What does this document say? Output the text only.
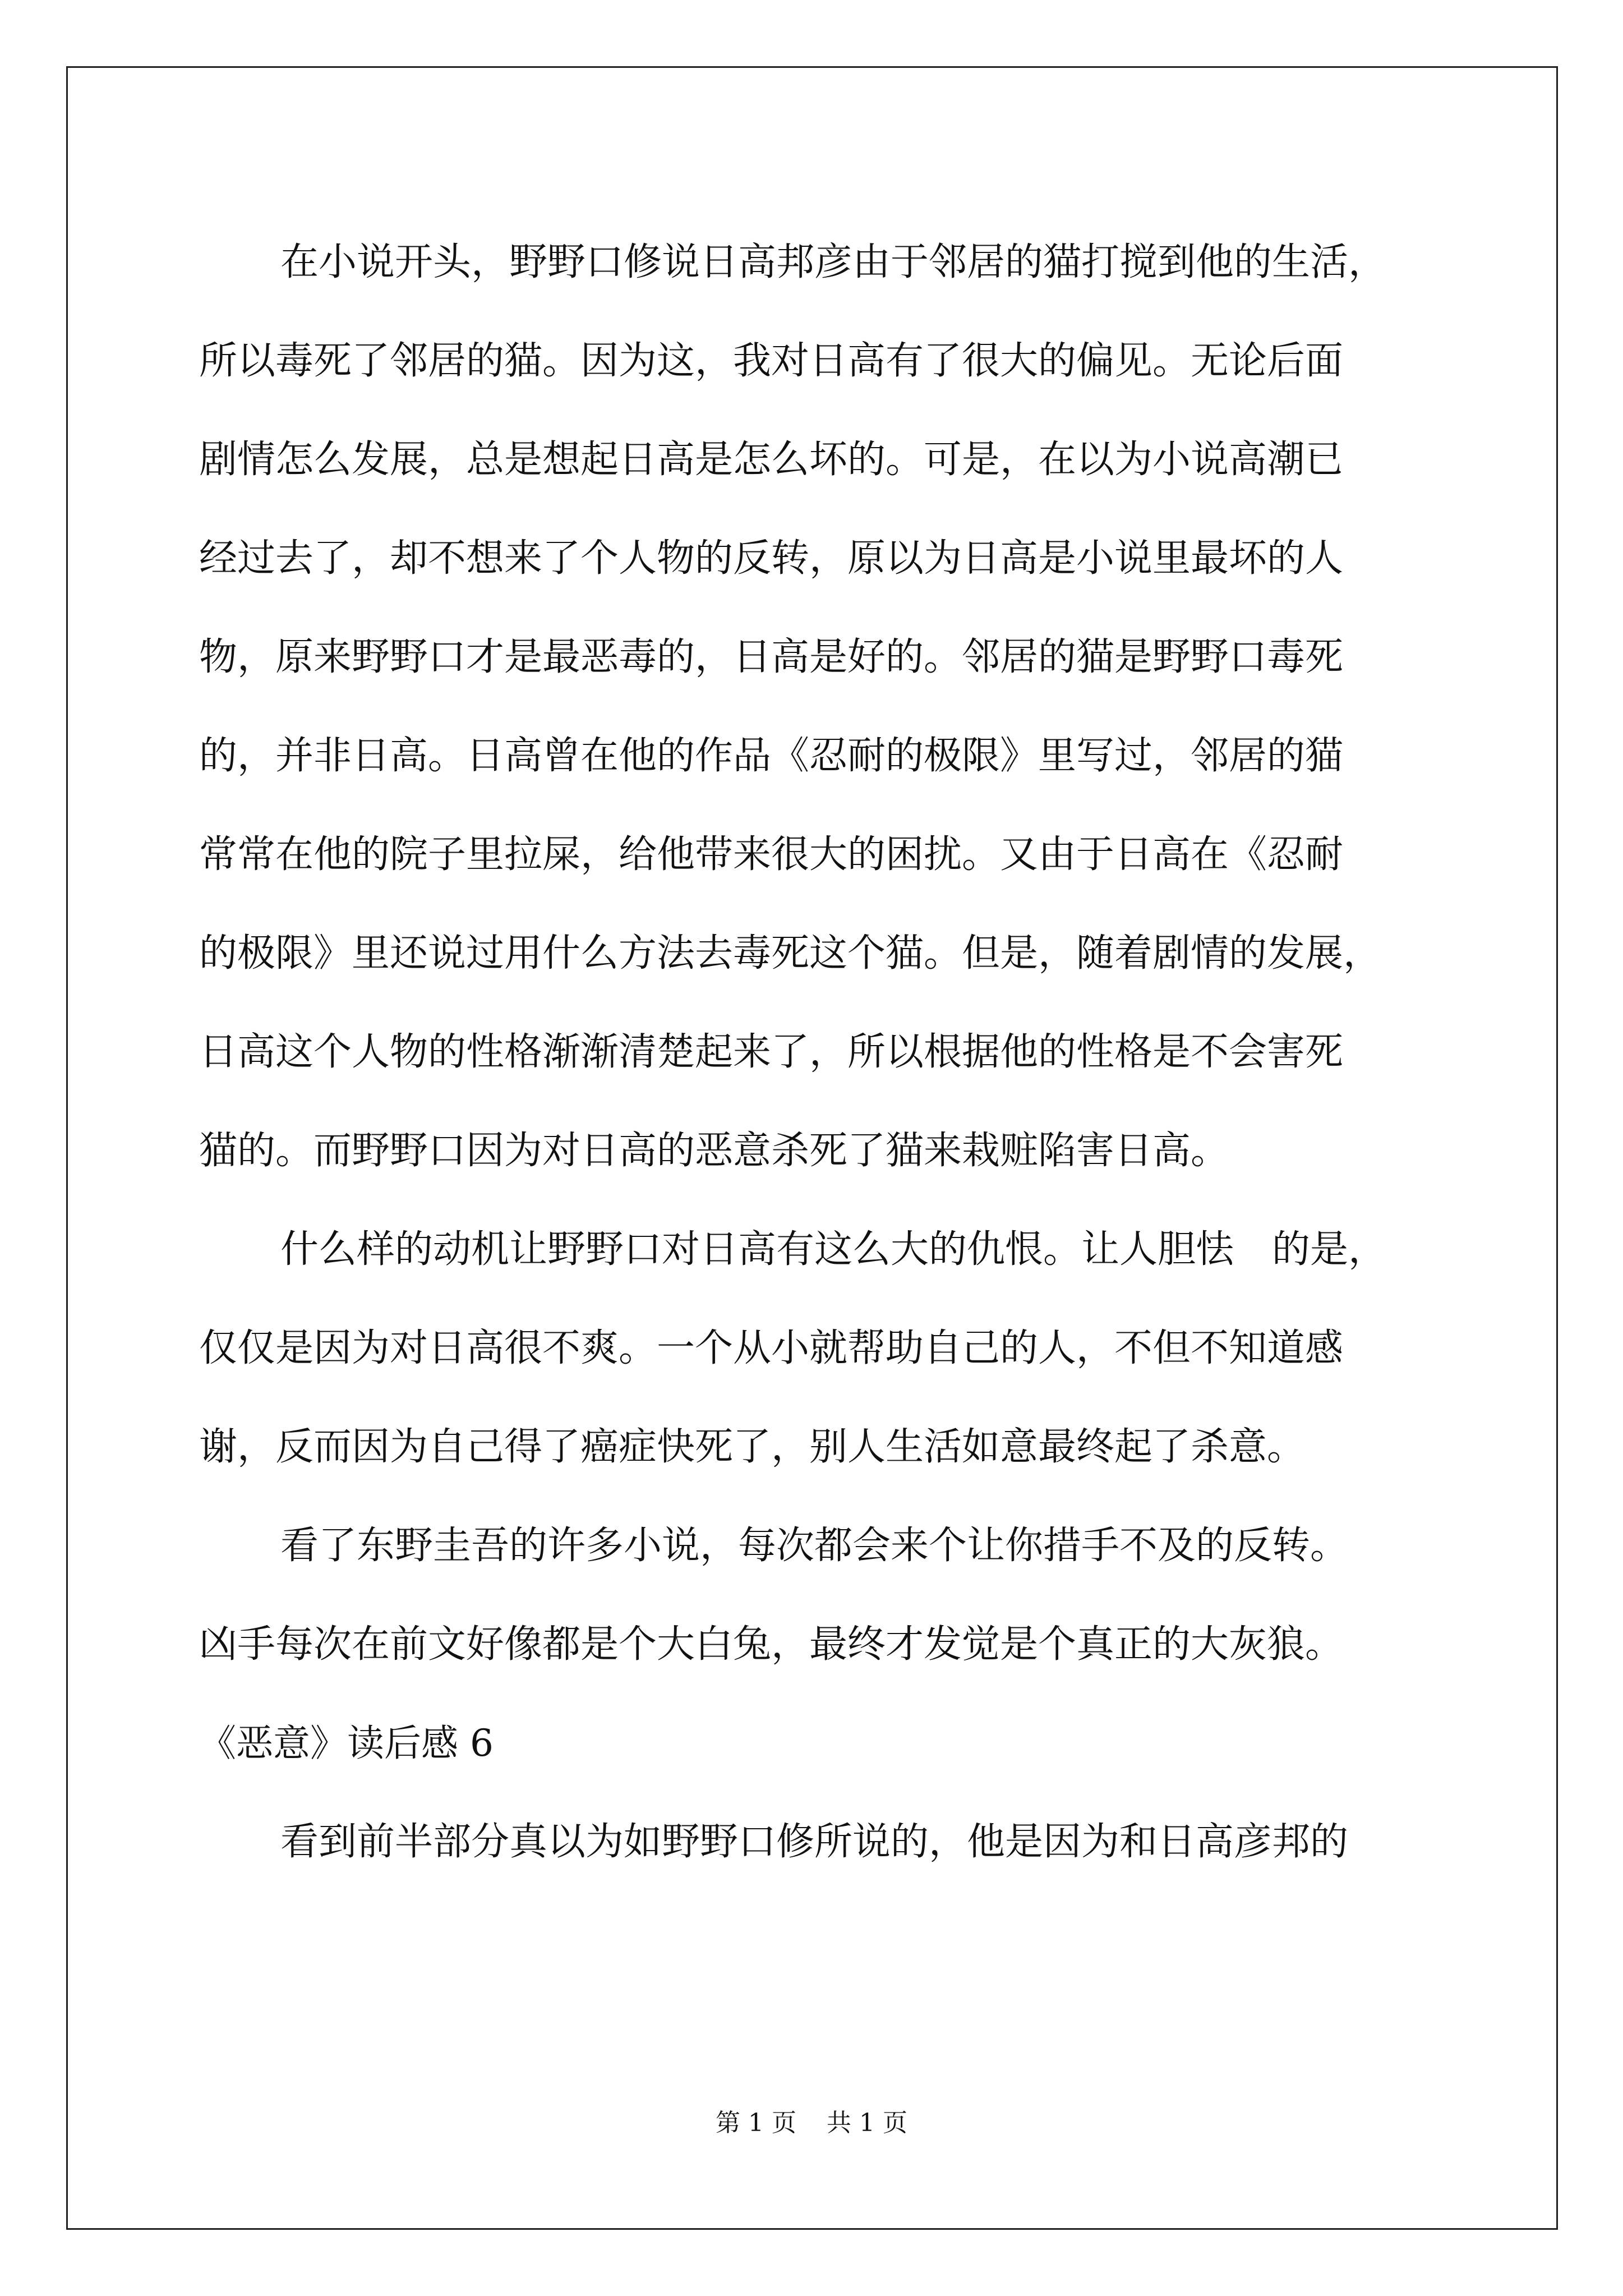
在小说开头，野野口修说日高邦彦由于邻居的猫打搅到他的生活，
所以毒死了邻居的猫。因为这，我对日高有了很大的偏见。无论后面
剧情怎么发展，总是想起日高是怎么坏的。可是，在以为小说高潮已
经过去了，却不想来了个人物的反转，原以为日高是小说里最坏的人
物，原来野野口才是最恶毒的，日高是好的。邻居的猫是野野口毒死
的，并非日高。日高曾在他的作品《忍耐的极限》里写过，邻居的猫
常常在他的院子里拉屎，给他带来很大的困扰。又由于日高在《忍耐
的极限》里还说过用什么方法去毒死这个猫。但是，随着剧情的发展，
日高这个人物的性格渐渐清楚起来了，所以根据他的性格是不会害死
猫的。而野野口因为对日高的恶意杀死了猫来栽赃陷害日高。
什么样的动机让野野口对日高有这么大的仇恨。让人胆怯　的是，
仅仅是因为对日高很不爽。一个从小就帮助自己的人，不但不知道感
谢，反而因为自己得了癌症快死了，别人生活如意最终起了杀意。
看了东野圭吾的许多小说，每次都会来个让你措手不及的反转。
凶手每次在前文好像都是个大白兔，最终才发觉是个真正的大灰狼。
《恶意》读后感 6
看到前半部分真以为如野野口修所说的，他是因为和日高彦邦的
第 1 页 共 1 页
